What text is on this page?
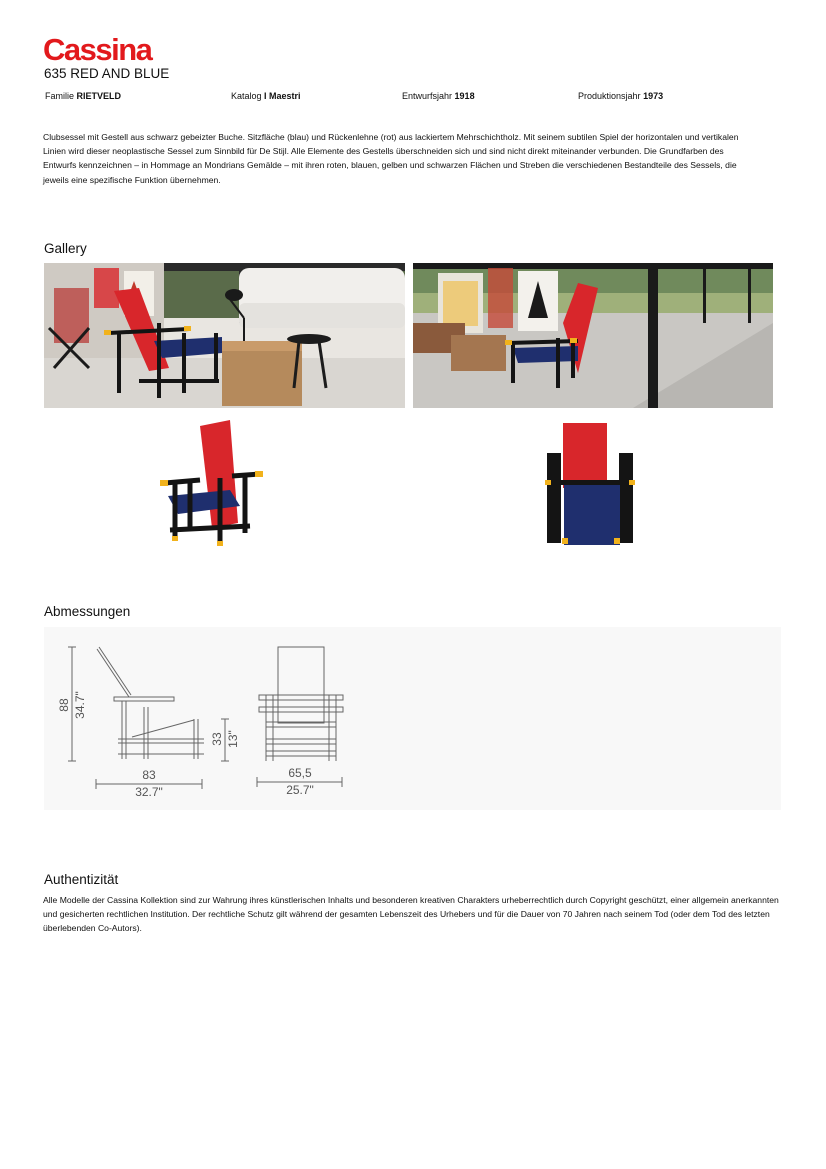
Cassina
635 RED AND BLUE
Familie RIETVELD	Katalog I Maestri	Entwurfsjahr 1918	Produktionsjahr 1973
Clubsessel mit Gestell aus schwarz gebeizter Buche. Sitzfläche (blau) und Rückenlehne (rot) aus lackiertem Mehrschichtholz. Mit seinem subtilen Spiel der horizontalen und vertikalen Linien wird dieser neoplastische Sessel zum Sinnbild für De Stijl. Alle Elemente des Gestells überschneiden sich und sind nicht direkt miteinander verbunden. Die Grundfarben des Entwurfs kennzeichnen – in Hommage an Mondrians Gemälde – mit ihren roten, blauen, gelben und schwarzen Flächen und Streben die verschiedenen Bestandteile des Sessels, die jeweils eine spezifische Funktion übernehmen.
Gallery
Abmessungen
88 34.7"
33 13"
83
32.7"
65,5
25.7"
Authentizität
Alle Modelle der Cassina Kollektion sind zur Wahrung ihres künstlerischen Inhalts und besonderen kreativen Charakters urheberrechtlich durch Copyright geschützt, einer allgemein anerkannten und gesicherten rechtlichen Institution. Der rechtliche Schutz gilt während der gesamten Lebenszeit des Urhebers und für die Dauer von 70 Jahren nach seinem Tod (oder dem Tod des letzten überlebenden Co-Autors).
